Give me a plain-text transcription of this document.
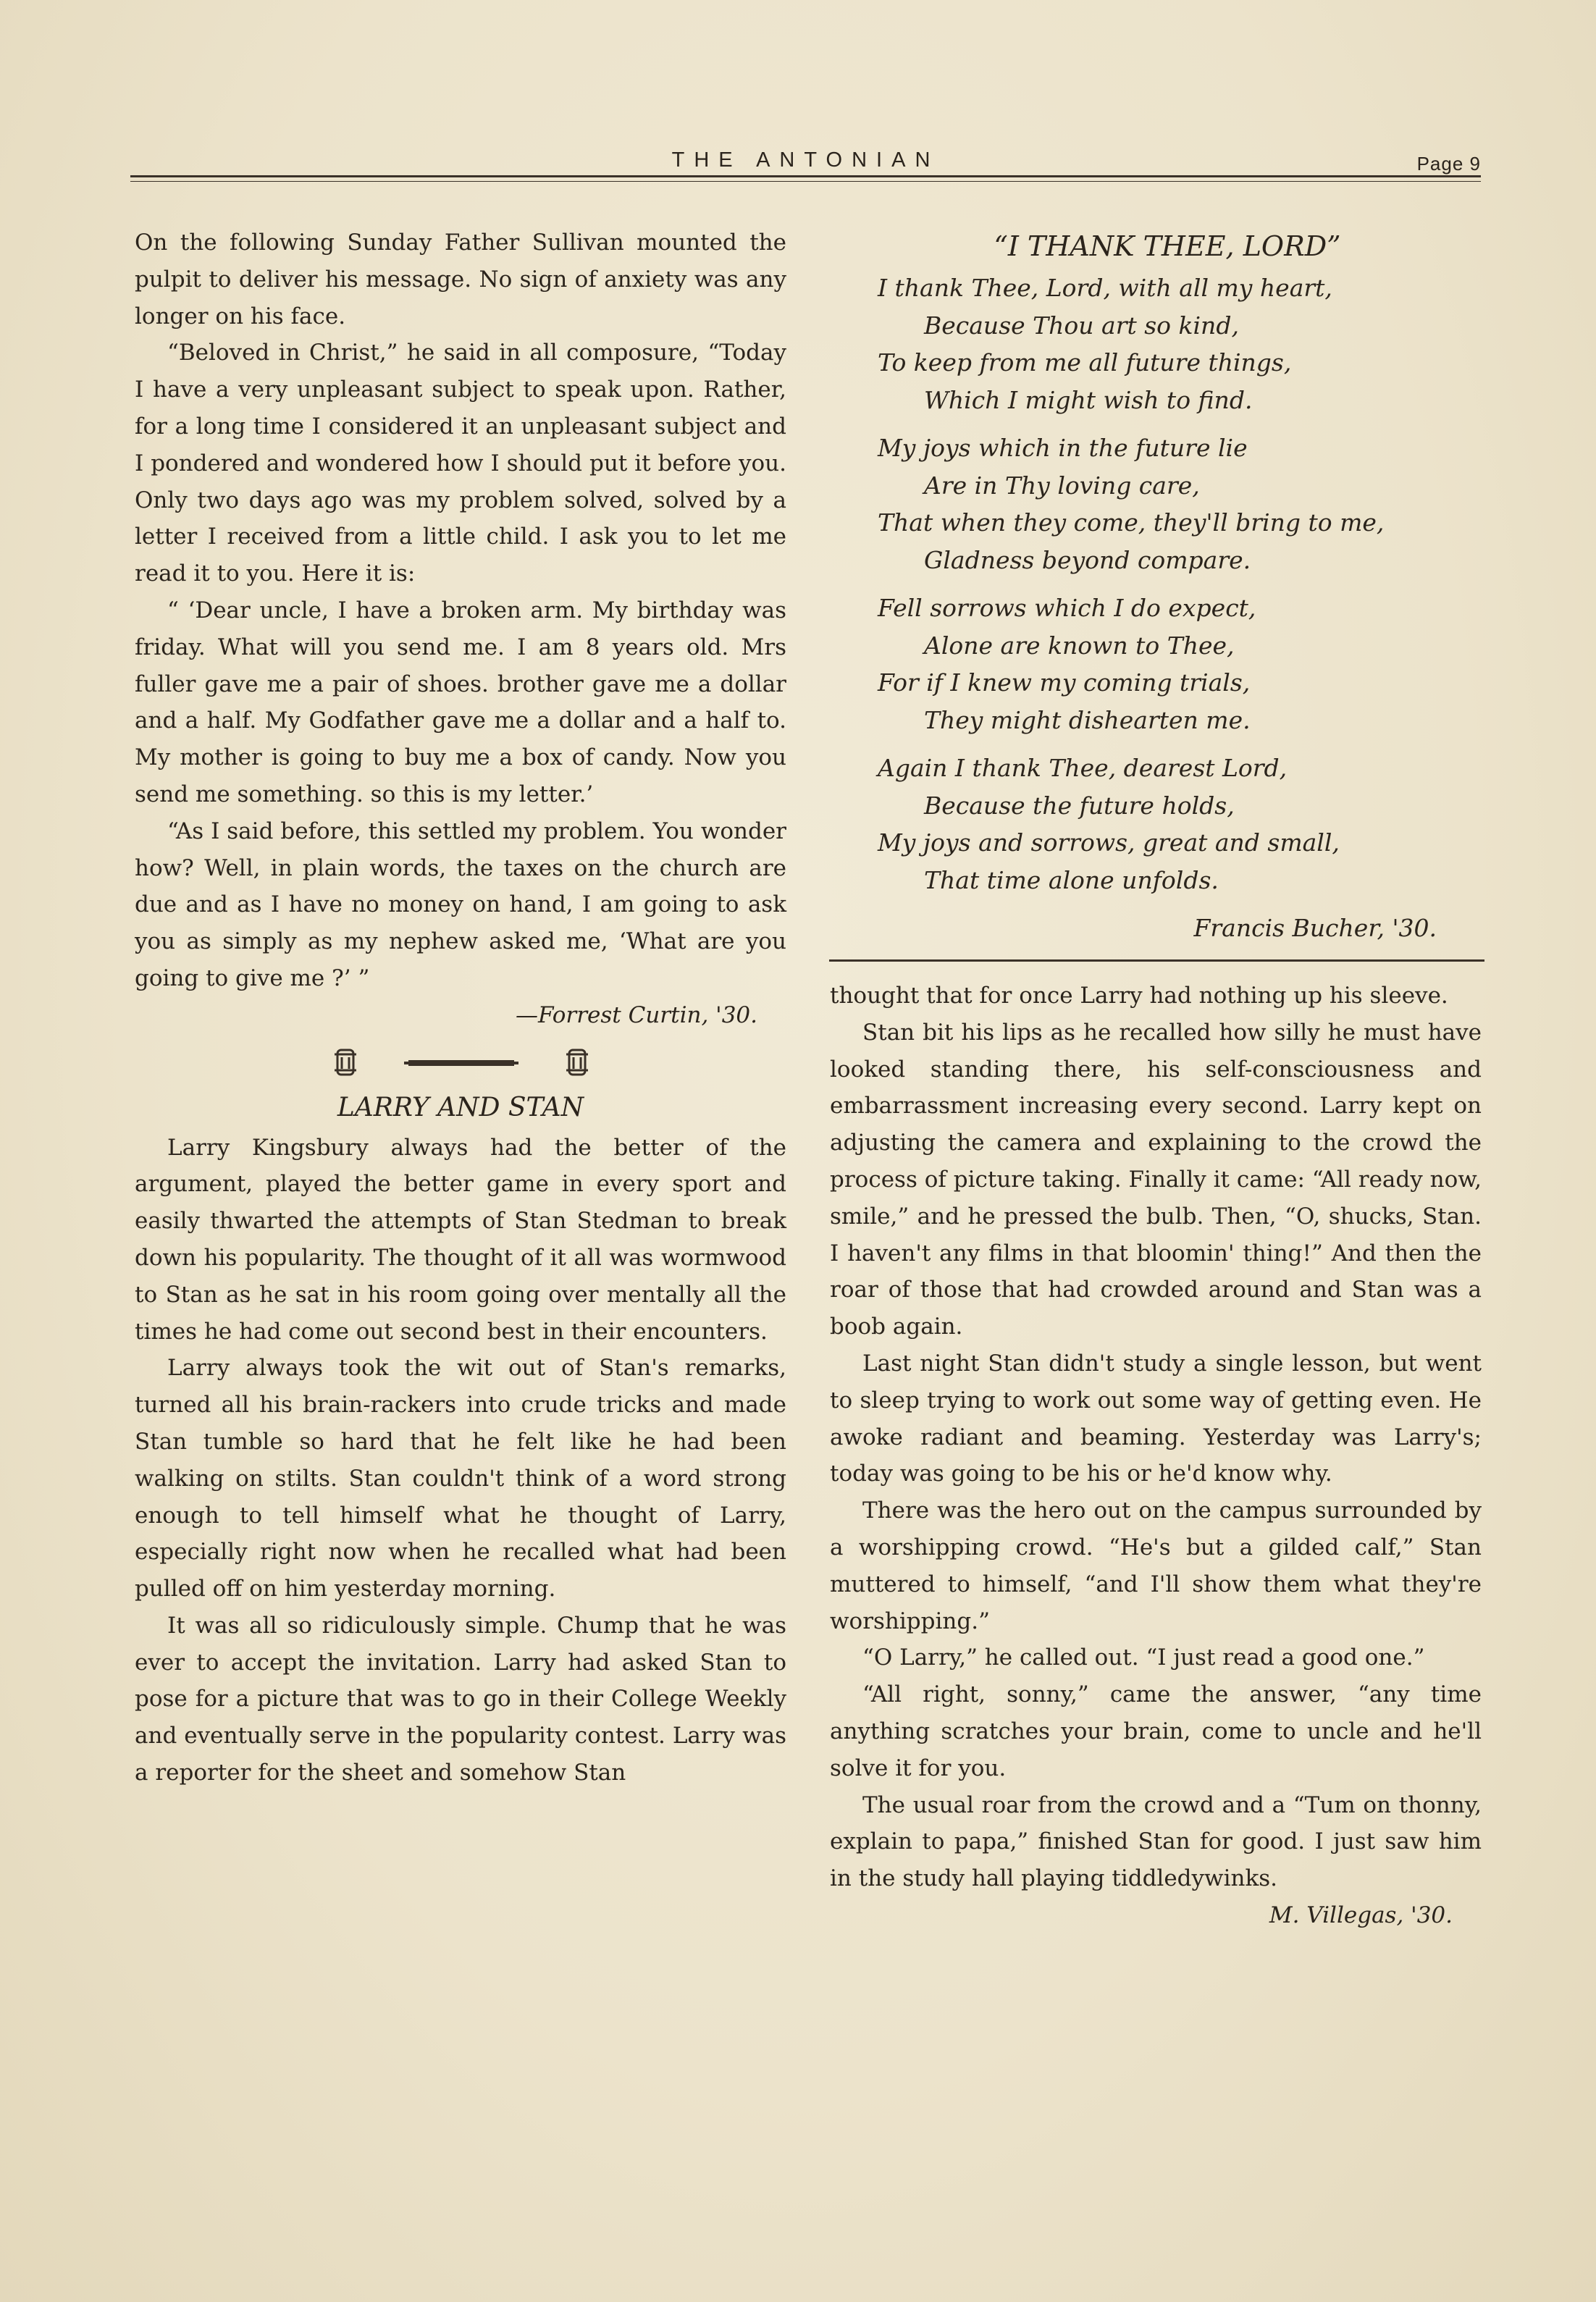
THE ANTONIAN	Page 9

On the following Sunday Father Sullivan mounted the pulpit to deliver his message. No sign of anxiety was any longer on his face.

“Beloved in Christ,” he said in all composure, “Today I have a very unpleasant subject to speak upon. Rather, for a long time I considered it an unpleasant subject and I pondered and wondered how I should put it before you. Only two days ago was my problem solved, solved by a letter I received from a little child. I ask you to let me read it to you. Here it is:

“ ‘Dear uncle, I have a broken arm. My birthday was friday. What will you send me. I am 8 years old. Mrs fuller gave me a pair of shoes. brother gave me a dollar and a half. My Godfather gave me a dollar and a half to. My mother is going to buy me a box of candy. Now you send me something. so this is my letter.’

“As I said before, this settled my problem. You wonder how? Well, in plain words, the taxes on the church are due and as I have no money on hand, I am going to ask you as simply as my nephew asked me, ‘What are you going to give me ?’ ”

—Forrest Curtin, '30.

LARRY AND STAN

Larry Kingsbury always had the better of the argument, played the better game in every sport and easily thwarted the attempts of Stan Stedman to break down his popularity. The thought of it all was wormwood to Stan as he sat in his room going over mentally all the times he had come out second best in their encounters.

Larry always took the wit out of Stan's remarks, turned all his brain-rackers into crude tricks and made Stan tumble so hard that he felt like he had been walking on stilts. Stan couldn't think of a word strong enough to tell himself what he thought of Larry, especially right now when he recalled what had been pulled off on him yesterday morning.

It was all so ridiculously simple. Chump that he was ever to accept the invitation. Larry had asked Stan to pose for a picture that was to go in their College Weekly and eventually serve in the popularity contest. Larry was a reporter for the sheet and somehow Stan

“I THANK THEE, LORD”
I thank Thee, Lord, with all my heart,
Because Thou art so kind,
To keep from me all future things,
Which I might wish to find.
My joys which in the future lie
Are in Thy loving care,
That when they come, they'll bring to me,
Gladness beyond compare.
Fell sorrows which I do expect,
Alone are known to Thee,
For if I knew my coming trials,
They might dishearten me.
Again I thank Thee, dearest Lord,
Because the future holds,
My joys and sorrows, great and small,
That time alone unfolds.
Francis Bucher, '30.

thought that for once Larry had nothing up his sleeve.

Stan bit his lips as he recalled how silly he must have looked standing there, his self-consciousness and embarrassment increasing every second. Larry kept on adjusting the camera and explaining to the crowd the process of picture taking. Finally it came: “All ready now, smile,” and he pressed the bulb. Then, “O, shucks, Stan. I haven't any films in that bloomin' thing!” And then the roar of those that had crowded around and Stan was a boob again.

Last night Stan didn't study a single lesson, but went to sleep trying to work out some way of getting even. He awoke radiant and beaming. Yesterday was Larry's; today was going to be his or he'd know why.

There was the hero out on the campus surrounded by a worshipping crowd. “He's but a gilded calf,” Stan muttered to himself, “and I'll show them what they're worshipping.”

“O Larry,” he called out. “I just read a good one.”

“All right, sonny,” came the answer, “any time anything scratches your brain, come to uncle and he'll solve it for you.

The usual roar from the crowd and a “Tum on thonny, explain to papa,” finished Stan for good. I just saw him in the study hall playing tiddledywinks.

M. Villegas, '30.
